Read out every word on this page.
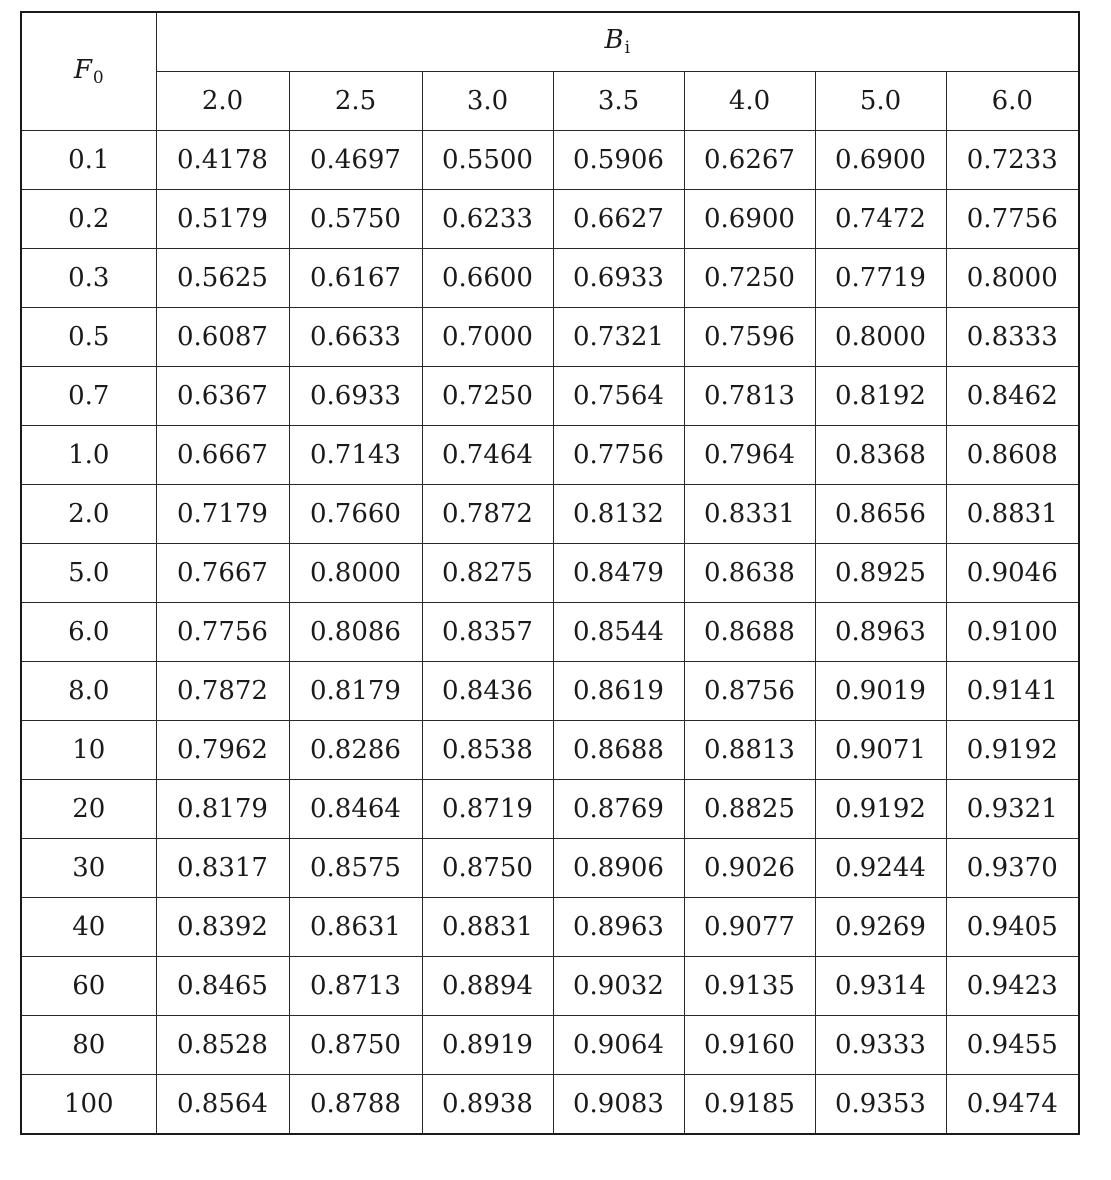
F0	Bi						
	2.0	2.5	3.0	3.5	4.0	5.0	6.0
0.1	0.4178	0.4697	0.5500	0.5906	0.6267	0.6900	0.7233
0.2	0.5179	0.5750	0.6233	0.6627	0.6900	0.7472	0.7756
0.3	0.5625	0.6167	0.6600	0.6933	0.7250	0.7719	0.8000
0.5	0.6087	0.6633	0.7000	0.7321	0.7596	0.8000	0.8333
0.7	0.6367	0.6933	0.7250	0.7564	0.7813	0.8192	0.8462
1.0	0.6667	0.7143	0.7464	0.7756	0.7964	0.8368	0.8608
2.0	0.7179	0.7660	0.7872	0.8132	0.8331	0.8656	0.8831
5.0	0.7667	0.8000	0.8275	0.8479	0.8638	0.8925	0.9046
6.0	0.7756	0.8086	0.8357	0.8544	0.8688	0.8963	0.9100
8.0	0.7872	0.8179	0.8436	0.8619	0.8756	0.9019	0.9141
10	0.7962	0.8286	0.8538	0.8688	0.8813	0.9071	0.9192
20	0.8179	0.8464	0.8719	0.8769	0.8825	0.9192	0.9321
30	0.8317	0.8575	0.8750	0.8906	0.9026	0.9244	0.9370
40	0.8392	0.8631	0.8831	0.8963	0.9077	0.9269	0.9405
60	0.8465	0.8713	0.8894	0.9032	0.9135	0.9314	0.9423
80	0.8528	0.8750	0.8919	0.9064	0.9160	0.9333	0.9455
100	0.8564	0.8788	0.8938	0.9083	0.9185	0.9353	0.9474
